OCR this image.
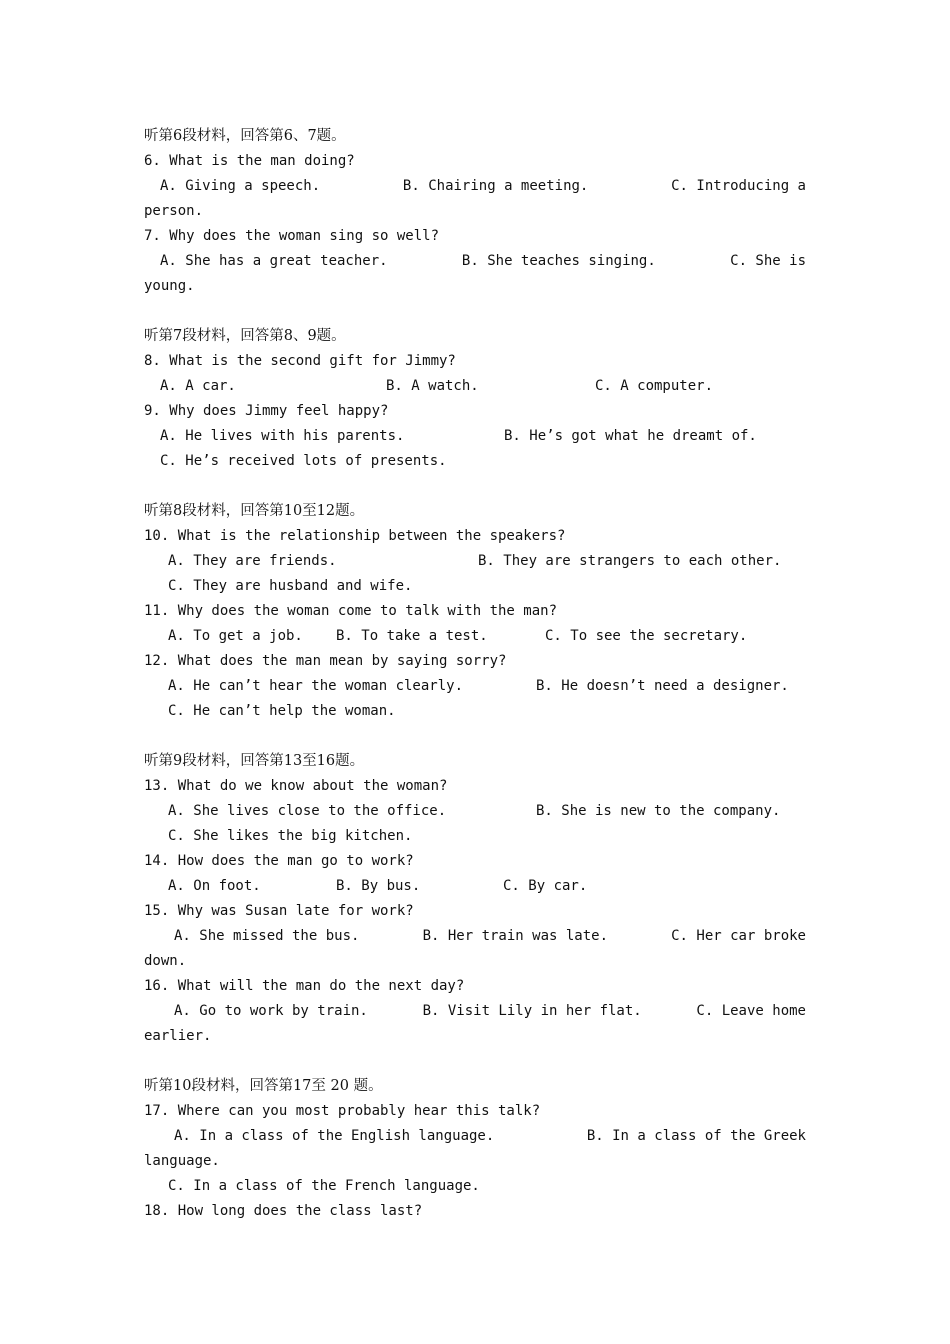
听第6段材料，回答第6、7题。
6. What is the man doing?
A. Giving a speech.	B. Chairing a meeting.	C. Introducing a
person.
7. Why does the woman sing so well?
A. She has a great teacher.	B. She teaches singing.	C. She is
young.
听第7段材料，回答第8、9题。
8. What is the second gift for Jimmy?
A. A car.	B. A watch.	C. A computer.
9. Why does Jimmy feel happy?
A. He lives with his parents.	B. He’s got what he dreamt of.
C. He’s received lots of presents.
听第8段材料，回答第10至12题。
10. What is the relationship between the speakers?
A. They are friends.	B. They are strangers to each other.
C. They are husband and wife.
11. Why does the woman come to talk with the man?
A. To get a job.	B. To take a test.	C. To see the secretary.
12. What does the man mean by saying sorry?
A. He can’t hear the woman clearly.	B. He doesn’t need a designer.
C. He can’t help the woman.
听第9段材料，回答第13至16题。
13. What do we know about the woman?
A. She lives close to the office.	B. She is new to the company.
C. She likes the big kitchen.
14. How does the man go to work?
A. On foot.	B. By bus.	C. By car.
15. Why was Susan late for work?
A. She missed the bus.	B. Her train was late.	C. Her car broke
down.
16. What will the man do the next day?
A. Go to work by train.	B. Visit Lily in her flat.	C. Leave home
earlier.
听第10段材料，回答第17至 20 题。
17. Where can you most probably hear this talk?
A. In a class of the English language.	B. In a class of the Greek
language.
C. In a class of the French language.
18. How long does the class last?
